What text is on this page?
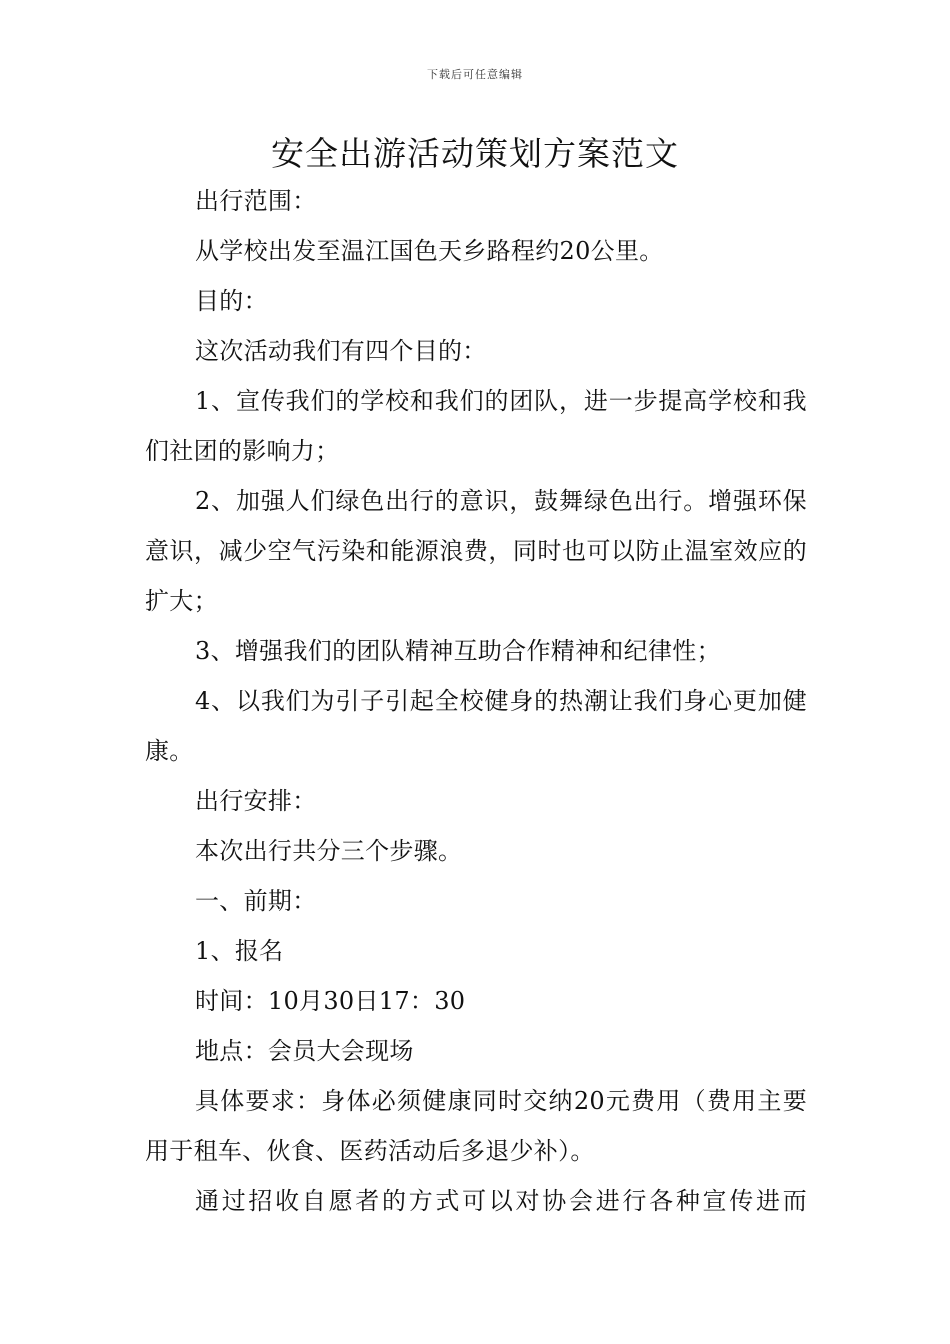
下载后可任意编辑
安全出游活动策划方案范文

出行范围：

从学校出发至温江国色天乡路程约20公里。

目的：

这次活动我们有四个目的：

1、宣传我们的学校和我们的团队，进一步提高学校和我们社团的影响力；

2、加强人们绿色出行的意识，鼓舞绿色出行。增强环保意识，减少空气污染和能源浪费，同时也可以防止温室效应的扩大；

3、增强我们的团队精神互助合作精神和纪律性；

4、以我们为引子引起全校健身的热潮让我们身心更加健康。

出行安排：

本次出行共分三个步骤。

一、前期：

1、报名

时间：10月30日17：30

地点：会员大会现场

具体要求：身体必须健康同时交纳20元费用（费用主要用于租车、伙食、医药活动后多退少补）。

通过招收自愿者的方式可以对协会进行各种宣传进而
